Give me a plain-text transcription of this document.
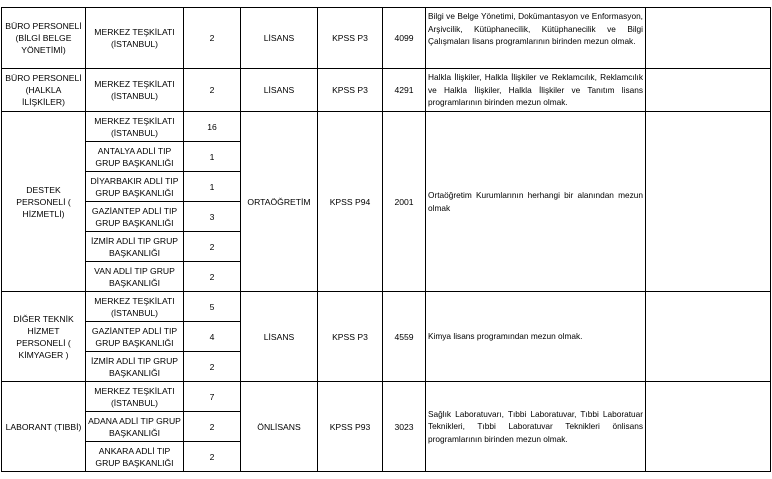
BÜRO PERSONELİ (BİLGİ BELGE YÖNETİMİ)	MERKEZ TEŞKİLATI (İSTANBUL)	2	LİSANS	KPSS P3	4099	Bilgi ve Belge Yönetimi, Dokümantasyon ve Enformasyon, Arşivcilik, Kütüphanecilik, Kütüphanecilik ve Bilgi Çalışmaları lisans programlarının birinden mezun olmak.	
BÜRO PERSONELİ (HALKLA İLİŞKİLER)	MERKEZ TEŞKİLATI (İSTANBUL)	2	LİSANS	KPSS P3	4291	Halkla İlişkiler, Halkla İlişkiler ve Reklamcılık, Reklamcılık ve Halkla İlişkiler, Halkla İlişkiler ve Tanıtım lisans programlarının birinden mezun olmak.	
DESTEK PERSONELİ ( HİZMETLİ)	MERKEZ TEŞKİLATI (İSTANBUL)	16	ORTAÖĞRETİM	KPSS P94	2001	Ortaöğretim Kurumlarının herhangi bir alanından mezun olmak	
	ANTALYA ADLİ TIP GRUP BAŞKANLIĞI	1					
	DİYARBAKIR ADLİ TIP GRUP BAŞKANLIĞI	1					
	GAZİANTEP ADLİ TIP GRUP BAŞKANLIĞI	3					
	İZMİR ADLİ TIP GRUP BAŞKANLIĞI	2					
	VAN ADLİ TIP GRUP BAŞKANLIĞI	2					
DİĞER TEKNİK HİZMET PERSONELİ ( KİMYAGER )	MERKEZ TEŞKİLATI (İSTANBUL)	5	LİSANS	KPSS P3	4559	Kimya lisans programından mezun olmak.	
	GAZİANTEP ADLİ TIP GRUP BAŞKANLIĞI	4					
	İZMİR ADLİ TIP GRUP BAŞKANLIĞI	2					
LABORANT (TIBBİ)	MERKEZ TEŞKİLATI (İSTANBUL)	7	ÖNLİSANS	KPSS P93	3023	Sağlık Laboratuvarı, Tıbbi Laboratuvar, Tıbbi Laboratuar Teknikleri, Tıbbi Laboratuvar Teknikleri önlisans programlarının birinden mezun olmak.	
	ADANA ADLİ TIP GRUP BAŞKANLIĞI	2					
	ANKARA ADLİ TIP GRUP BAŞKANLIĞI	2					
